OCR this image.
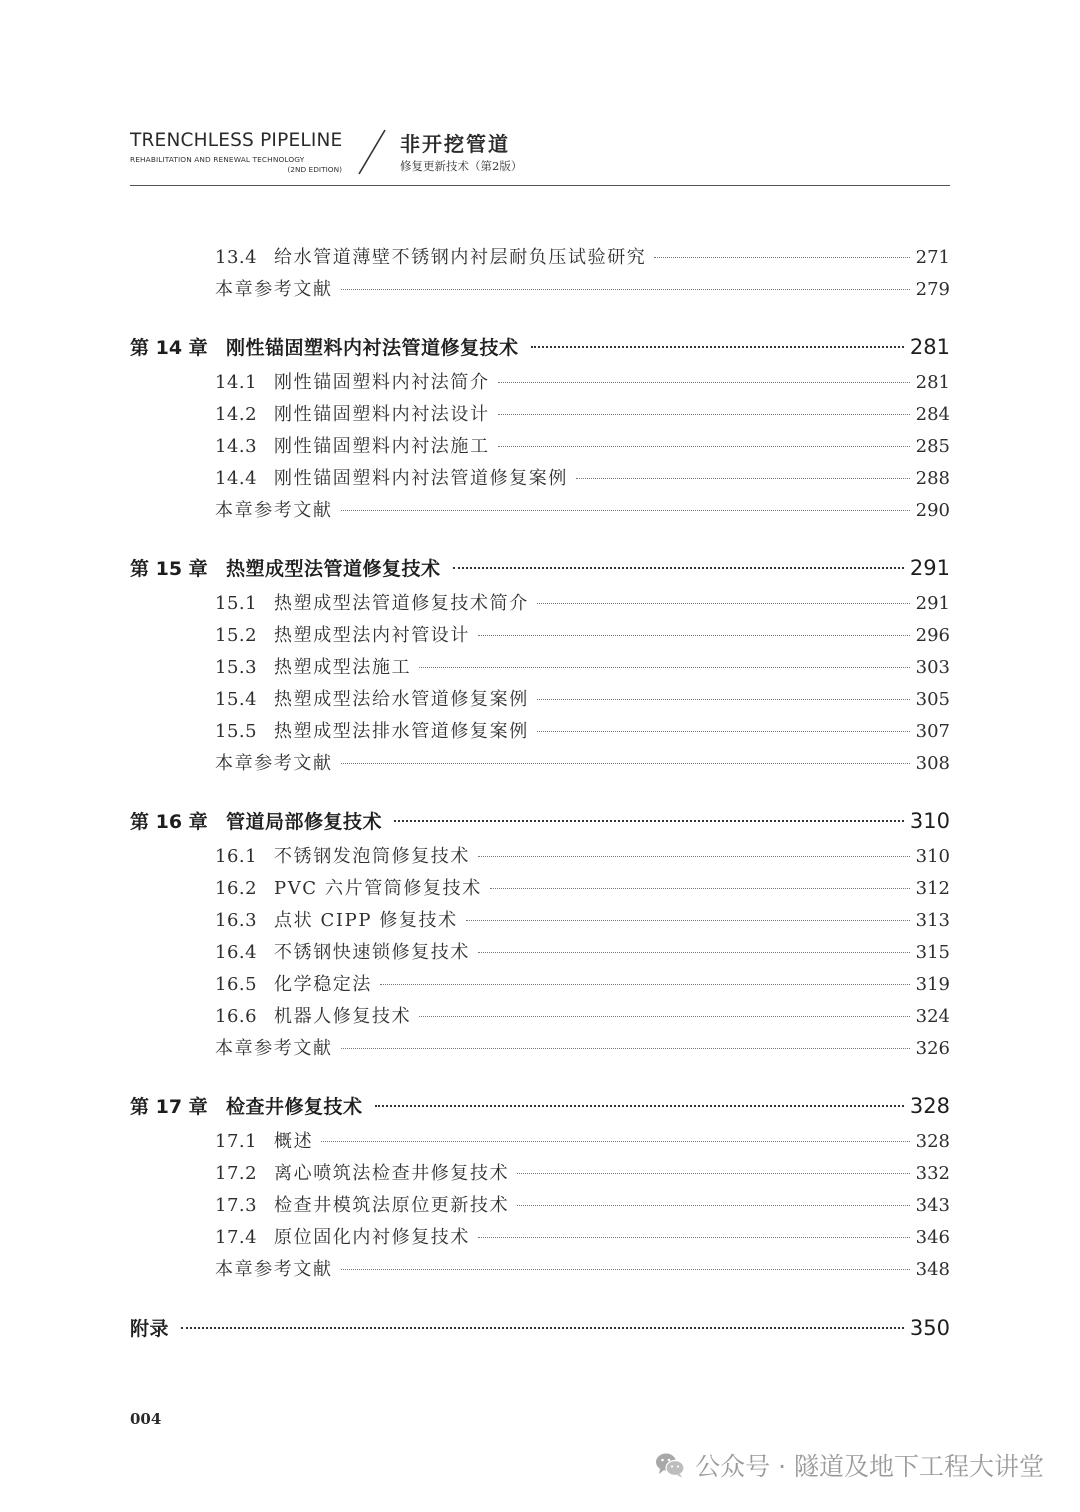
TRENCHLESS PIPELINE
REHABILITATION AND RENEWAL TECHNOLOGY
(2ND EDITION)
非开挖管道
修复更新技术（第2版）
13.4 给水管道薄壁不锈钢内衬层耐负压试验研究	271
本章参考文献	279
第 14 章 刚性锚固塑料内衬法管道修复技术	281
14.1 刚性锚固塑料内衬法简介	281
14.2 刚性锚固塑料内衬法设计	284
14.3 刚性锚固塑料内衬法施工	285
14.4 刚性锚固塑料内衬法管道修复案例	288
本章参考文献	290
第 15 章 热塑成型法管道修复技术	291
15.1 热塑成型法管道修复技术简介	291
15.2 热塑成型法内衬管设计	296
15.3 热塑成型法施工	303
15.4 热塑成型法给水管道修复案例	305
15.5 热塑成型法排水管道修复案例	307
本章参考文献	308
第 16 章 管道局部修复技术	310
16.1 不锈钢发泡筒修复技术	310
16.2 PVC 六片管筒修复技术	312
16.3 点状 CIPP 修复技术	313
16.4 不锈钢快速锁修复技术	315
16.5 化学稳定法	319
16.6 机器人修复技术	324
本章参考文献	326
第 17 章 检查井修复技术	328
17.1 概述	328
17.2 离心喷筑法检查井修复技术	332
17.3 检查井模筑法原位更新技术	343
17.4 原位固化内衬修复技术	346
本章参考文献	348
附录	350
004
公众号 · 隧道及地下工程大讲堂
